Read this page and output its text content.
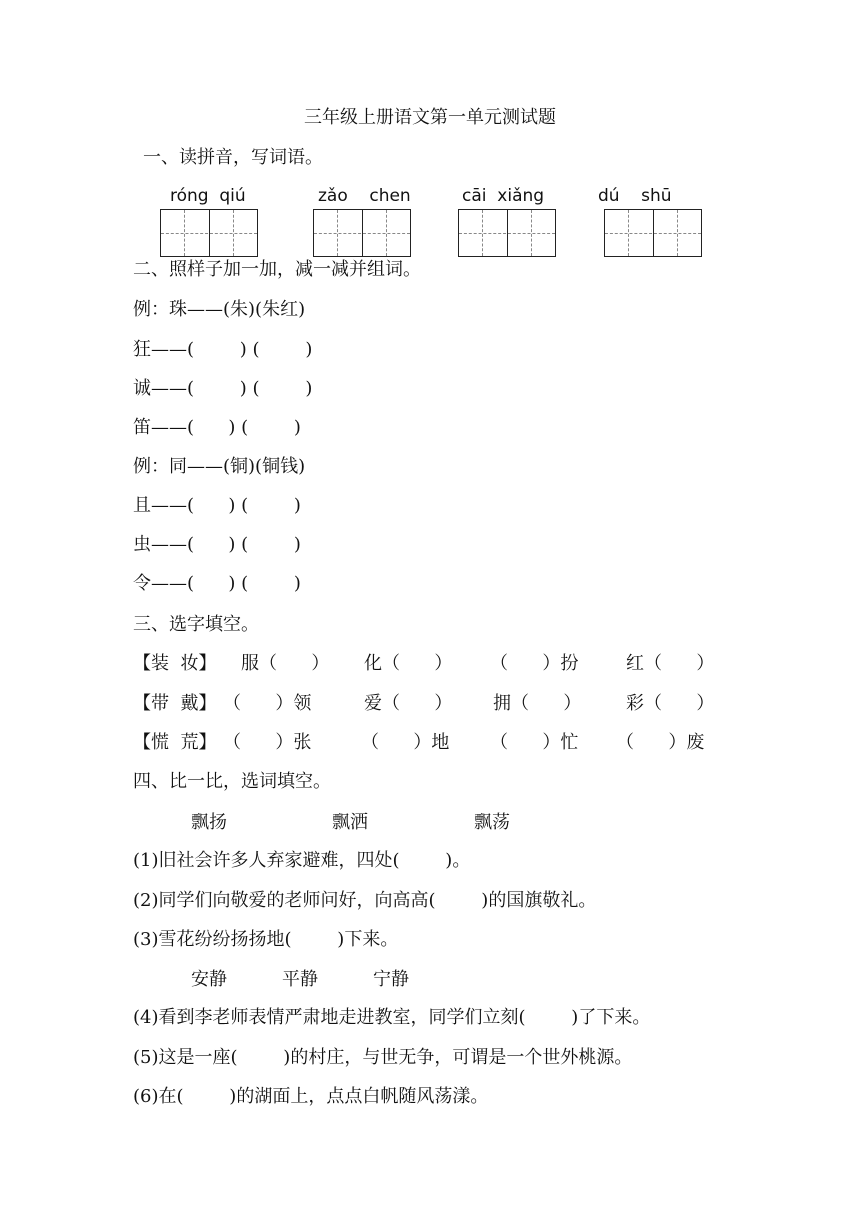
三年级上册语文第一单元测试题
一、读拼音，写词语。
róng  qiú	zǎo    chen	cāi  xiǎng	dú    shū
二、照样子加一加，减一减并组词。
例：珠——(朱)(朱红)
狂——(        ) (        )
诚——(        ) (        )
笛——(      ) (        )
例：同——(铜)(铜钱)
且——(      ) (        )
虫——(      ) (        )
令——(      ) (        )
三、选字填空。
【装  妆】 服（      ） 化（      ） （      ）扮	红（      ）
【带  戴】 （      ）领	爱（      ） 拥（      ） 彩（      ）
【慌  荒】 （      ）张	（      ）地 （      ）忙 （      ）废
四、比一比，选词填空。
飘扬	飘洒	飘荡
(1)旧社会许多人弃家避难，四处(        )。
(2)同学们向敬爱的老师问好，向高高(        )的国旗敬礼。
(3)雪花纷纷扬扬地(        )下来。
安静	平静	宁静
(4)看到李老师表情严肃地走进教室，同学们立刻(        )了下来。
(5)这是一座(        )的村庄，与世无争，可谓是一个世外桃源。
(6)在(        )的湖面上，点点白帆随风荡漾。
